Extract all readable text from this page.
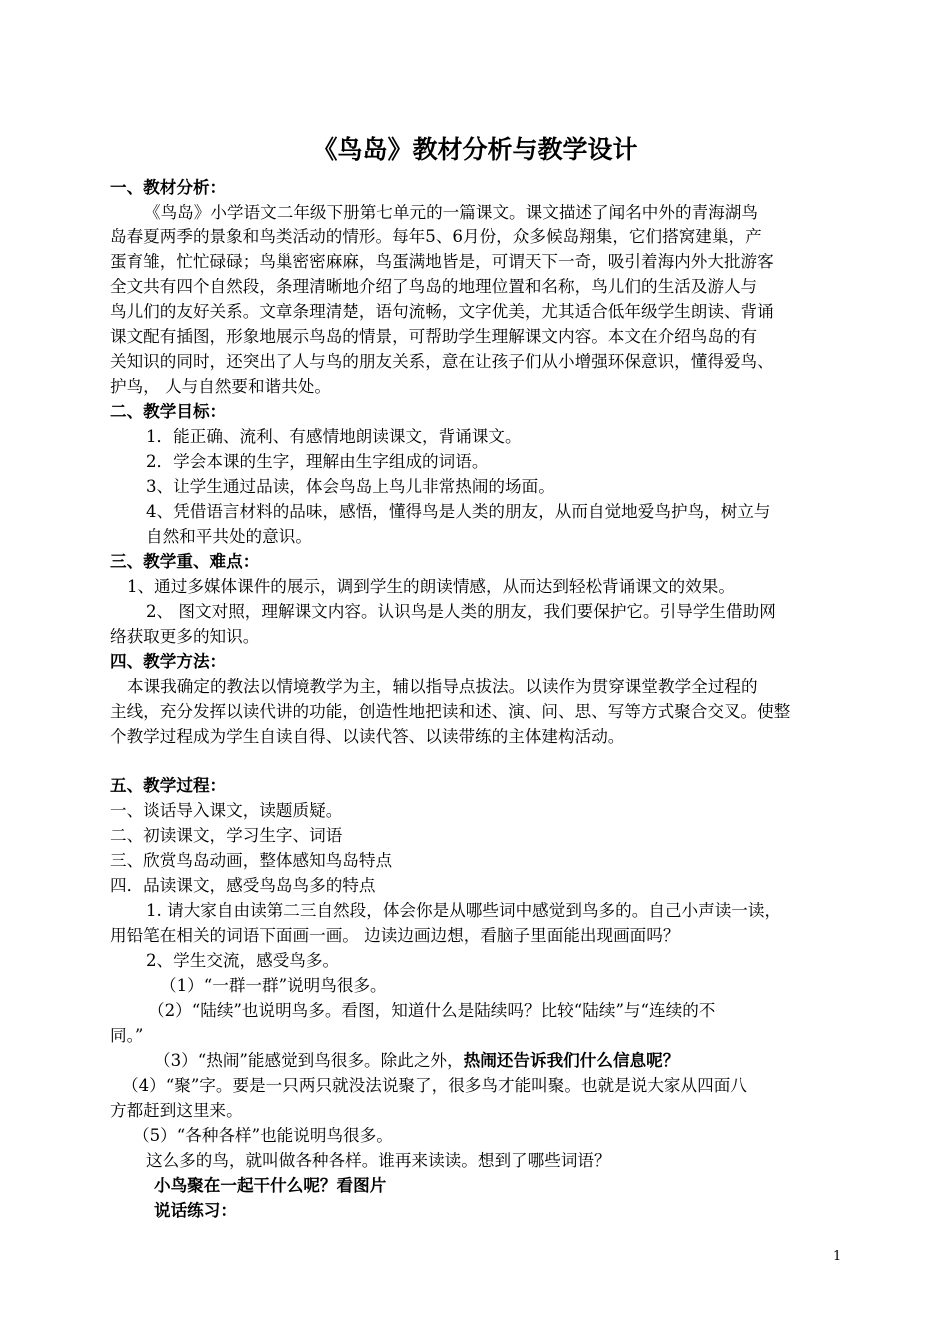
《鸟岛》教材分析与教学设计
一、教材分析：
《鸟岛》小学语文二年级下册第七单元的一篇课文。课文描述了闻名中外的青海湖鸟
岛春夏两季的景象和鸟类活动的情形。每年5、6月份，众多候岛翔集，它们搭窝建巢，产
蛋育雏，忙忙碌碌；鸟巢密密麻麻，鸟蛋满地皆是，可谓天下一奇，吸引着海内外大批游客
全文共有四个自然段，条理清晰地介绍了鸟岛的地理位置和名称，鸟儿们的生活及游人与
鸟儿们的友好关系。文章条理清楚，语句流畅，文字优美，尤其适合低年级学生朗读、背诵
课文配有插图，形象地展示鸟岛的情景，可帮助学生理解课文内容。本文在介绍鸟岛的有
关知识的同时，还突出了人与鸟的朋友关系，意在让孩子们从小增强环保意识，懂得爱鸟、
护鸟， 人与自然要和谐共处。
二、教学目标：
1．能正确、流利、有感情地朗读课文，背诵课文。
2．学会本课的生字，理解由生字组成的词语。
3、让学生通过品读，体会鸟岛上鸟儿非常热闹的场面。
4、凭借语言材料的品味，感悟，懂得鸟是人类的朋友，从而自觉地爱鸟护鸟，树立与
自然和平共处的意识。
三、教学重、难点：
1、通过多媒体课件的展示，调到学生的朗读情感，从而达到轻松背诵课文的效果。
2、 图文对照，理解课文内容。认识鸟是人类的朋友，我们要保护它。引导学生借助网
络获取更多的知识。
四、教学方法：
本课我确定的教法以情境教学为主，辅以指导点拔法。以读作为贯穿课堂教学全过程的
主线，充分发挥以读代讲的功能，创造性地把读和述、演、问、思、写等方式聚合交叉。使整
个教学过程成为学生自读自得、以读代答、以读带练的主体建构活动。
五、教学过程：
一、谈话导入课文，读题质疑。
二、初读课文，学习生字、词语
三、欣赏鸟岛动画，整体感知鸟岛特点
四．品读课文，感受鸟岛鸟多的特点
1. 请大家自由读第二三自然段，体会你是从哪些词中感觉到鸟多的。自己小声读一读，
用铅笔在相关的词语下面画一画。 边读边画边想，看脑子里面能出现画面吗？
2、学生交流，感受鸟多。
（1）“一群一群”说明鸟很多。
（2）“陆续”也说明鸟多。看图，知道什么是陆续吗？比较“陆续”与“连续的不
同。”
（3）“热闹”能感觉到鸟很多。除此之外，热闹还告诉我们什么信息呢？
（4）“聚”字。要是一只两只就没法说聚了，很多鸟才能叫聚。也就是说大家从四面八
方都赶到这里来。
（5）“各种各样”也能说明鸟很多。
这么多的鸟，就叫做各种各样。谁再来读读。想到了哪些词语？
小鸟聚在一起干什么呢？看图片
说话练习：
1
